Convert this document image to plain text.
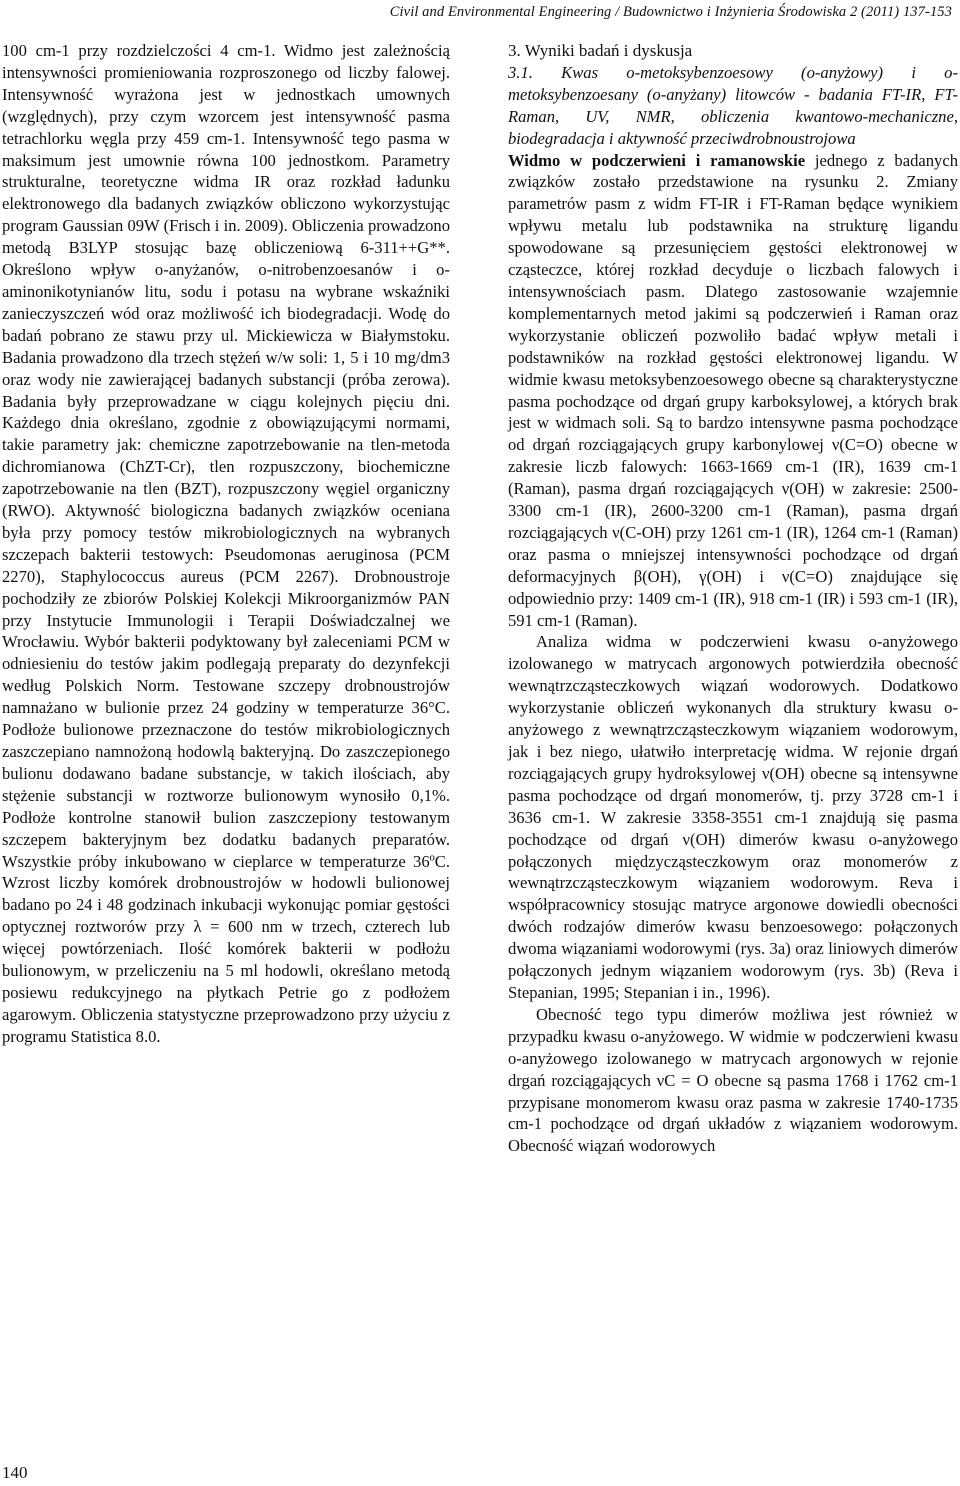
Civil and Environmental Engineering / Budownictwo i Inżynieria Środowiska 2 (2011) 137-153

100 cm-1 przy rozdzielczości 4 cm-1. Widmo jest zależnością intensywności promieniowania rozproszonego od liczby falowej. Intensywność wyrażona jest w jednostkach umownych (względnych), przy czym wzorcem jest intensywność pasma tetrachlorku węgla przy 459 cm-1. Intensywność tego pasma w maksimum jest umownie równa 100 jednostkom. Parametry strukturalne, teoretyczne widma IR oraz rozkład ładunku elektronowego dla badanych związków obliczono wykorzystując program Gaussian 09W (Frisch i in. 2009). Obliczenia prowadzono metodą B3LYP stosując bazę obliczeniową 6-311++G**. Określono wpływ o-anyżanów, o-nitrobenzoesanów i o-aminonikotynianów litu, sodu i potasu na wybrane wskaźniki zanieczyszczeń wód oraz możliwość ich biodegradacji. Wodę do badań pobrano ze stawu przy ul. Mickiewicza w Białymstoku. Badania prowadzono dla trzech stężeń w/w soli: 1, 5 i 10 mg/dm3 oraz wody nie zawierającej badanych substancji (próba zerowa). Badania były przeprowadzane w ciągu kolejnych pięciu dni. Każdego dnia określano, zgodnie z obowiązującymi normami, takie parametry jak: chemiczne zapotrzebowanie na tlen-metoda dichromianowa (ChZT-Cr), tlen rozpuszczony, biochemiczne zapotrzebowanie na tlen (BZT), rozpuszczony węgiel organiczny (RWO). Aktywność biologiczna badanych związków oceniana była przy pomocy testów mikrobiologicznych na wybranych szczepach bakterii testowych: Pseudomonas aeruginosa (PCM 2270), Staphylococcus aureus (PCM 2267). Drobnoustroje pochodziły ze zbiorów Polskiej Kolekcji Mikroorganizmów PAN przy Instytucie Immunologii i Terapii Doświadczalnej we Wrocławiu. Wybór bakterii podyktowany był zaleceniami PCM w odniesieniu do testów jakim podlegają preparaty do dezynfekcji według Polskich Norm. Testowane szczepy drobnoustrojów namnażano w bulionie przez 24 godziny w temperaturze 36°C. Podłoże bulionowe przeznaczone do testów mikrobiologicznych zaszczepiano namnożoną hodowlą bakteryjną. Do zaszczepionego bulionu dodawano badane substancje, w takich ilościach, aby stężenie substancji w roztworze bulionowym wynosiło 0,1%. Podłoże kontrolne stanowił bulion zaszczepiony testowanym szczepem bakteryjnym bez dodatku badanych preparatów. Wszystkie próby inkubowano w cieplarce w temperaturze 36ºC. Wzrost liczby komórek drobnoustrojów w hodowli bulionowej badano po 24 i 48 godzinach inkubacji wykonując pomiar gęstości optycznej roztworów przy λ = 600 nm w trzech, czterech lub więcej powtórzeniach. Ilość komórek bakterii w podłożu bulionowym, w przeliczeniu na 5 ml hodowli, określano metodą posiewu redukcyjnego na płytkach Petrie go z podłożem agarowym. Obliczenia statystyczne przeprowadzono przy użyciu z programu Statistica 8.0.

3. Wyniki badań i dyskusja

3.1. Kwas o-metoksybenzoesowy (o-anyżowy) i o-metoksybenzoesany (o-anyżany) litowców - badania FT-IR, FT-Raman, UV, NMR, obliczenia kwantowo-mechaniczne, biodegradacja i aktywność przeciwdrobnoustrojowa

Widmo w podczerwieni i ramanowskie jednego z badanych związków zostało przedstawione na rysunku 2. Zmiany parametrów pasm z widm FT-IR i FT-Raman będące wynikiem wpływu metalu lub podstawnika na strukturę ligandu spowodowane są przesunięciem gęstości elektronowej w cząsteczce, której rozkład decyduje o liczbach falowych i intensywnościach pasm. Dlatego zastosowanie wzajemnie komplementarnych metod jakimi są podczerwień i Raman oraz wykorzystanie obliczeń pozwoliło badać wpływ metali i podstawników na rozkład gęstości elektronowej ligandu. W widmie kwasu metoksybenzoesowego obecne są charakterystyczne pasma pochodzące od drgań grupy karboksylowej, a których brak jest w widmach soli. Są to bardzo intensywne pasma pochodzące od drgań rozciągających grupy karbonylowej ν(C=O) obecne w zakresie liczb falowych: 1663-1669 cm-1 (IR), 1639 cm-1 (Raman), pasma drgań rozciągających ν(OH) w zakresie: 2500-3300 cm-1 (IR), 2600-3200 cm-1 (Raman), pasma drgań rozciągających ν(C-OH) przy 1261 cm-1 (IR), 1264 cm-1 (Raman) oraz pasma o mniejszej intensywności pochodzące od drgań deformacyjnych β(OH), γ(OH) i ν(C=O) znajdujące się odpowiednio przy: 1409 cm-1 (IR), 918 cm-1 (IR) i 593 cm-1 (IR), 591 cm-1 (Raman).

Analiza widma w podczerwieni kwasu o-anyżowego izolowanego w matrycach argonowych potwierdziła obecność wewnątrzcząsteczkowych wiązań wodorowych. Dodatkowo wykorzystanie obliczeń wykonanych dla struktury kwasu o-anyżowego z wewnątrzcząsteczkowym wiązaniem wodorowym, jak i bez niego, ułatwiło interpretację widma. W rejonie drgań rozciągających grupy hydroksylowej ν(OH) obecne są intensywne pasma pochodzące od drgań monomerów, tj. przy 3728 cm-1 i 3636 cm-1. W zakresie 3358-3551 cm-1 znajdują się pasma pochodzące od drgań ν(OH) dimerów kwasu o-anyżowego połączonych międzycząsteczkowym oraz monomerów z wewnątrzcząsteczkowym wiązaniem wodorowym. Reva i współpracownicy stosując matryce argonowe dowiedli obecności dwóch rodzajów dimerów kwasu benzoesowego: połączonych dwoma wiązaniami wodorowymi (rys. 3a) oraz liniowych dimerów połączonych jednym wiązaniem wodorowym (rys. 3b) (Reva i Stepanian, 1995; Stepanian i in., 1996).

Obecność tego typu dimerów możliwa jest również w przypadku kwasu o-anyżowego. W widmie w podczerwieni kwasu o-anyżowego izolowanego w matrycach argonowych w rejonie drgań rozciągających νC = O obecne są pasma 1768 i 1762 cm-1 przypisane monomerom kwasu oraz pasma w zakresie 1740-1735 cm-1 pochodzące od drgań układów z wiązaniem wodorowym. Obecność wiązań wodorowych

140
